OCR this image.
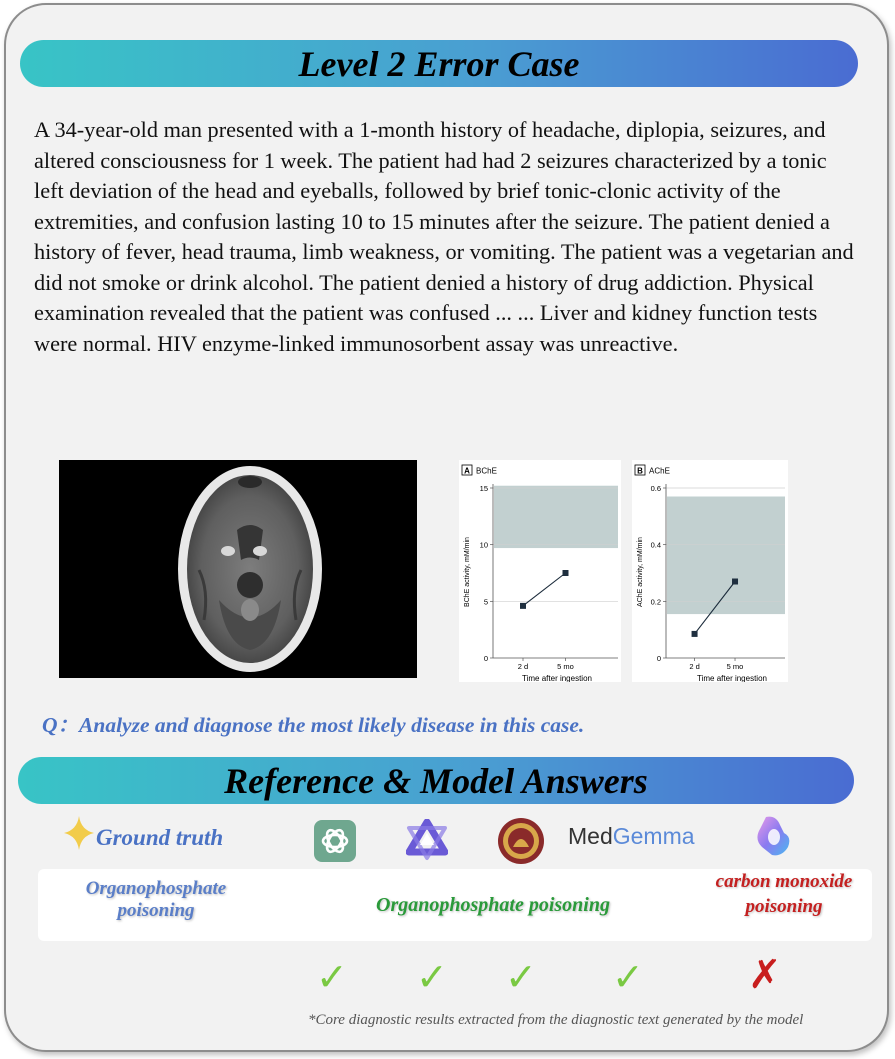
Level 2 Error Case

A 34-year-old man presented with a 1-month history of headache, diplopia, seizures, and altered consciousness for 1 week. The patient had had 2 seizures characterized by a tonic left deviation of the head and eyeballs, followed by brief tonic-clonic activity of the extremities, and confusion lasting 10 to 15 minutes after the seizure. The patient denied a history of fever, head trauma, limb weakness, or vomiting. The patient was a vegetarian and did not smoke or drink alcohol. The patient denied a history of drug addiction. Physical examination revealed that the patient was confused ... ... Liver and kidney function tests were normal. HIV enzyme-linked immunosorbent assay was unreactive.

A BChE
0
5
10
15
2 d	5 mo
Time after ingestion
BChE activity, mM/min
B AChE
0
0.2
0.4
0.6
2 d	5 mo
Time after ingestion
AChE activity, mM/min
Q：Analyze and diagnose the most likely disease in this case.
Reference & Model Answers
Ground truth	MedGemma
Organophosphate poisoning	Organophosphate poisoning
carbon monoxide poisoning
✓ ✓ ✓ ✓	✗
*Core diagnostic results extracted from the diagnostic text generated by the model
